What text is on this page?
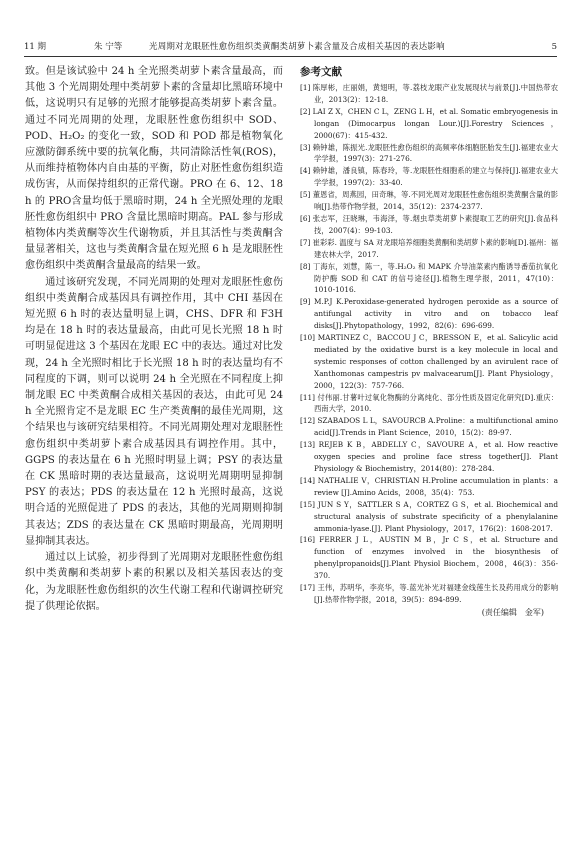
11 期	朱 宁等	光周期对龙眼胚性愈伤组织类黄酮类胡萝卜素含量及合成相关基因的表达影响	5

致。但是该试验中 24 h 全光照类胡萝卜素含量最高，而其他 3 个光周期处理中类胡萝卜素的含量却比黑暗环境中低，这说明只有足够的光照才能够提高类胡萝卜素含量。通过不同光周期的处理，龙眼胚性愈伤组织中 SOD、POD、H₂O₂ 的变化一致，SOD 和 POD 都是植物氧化应激防御系统中要的抗氧化酶，共同清除活性氧(ROS)，从而维持植物体内自由基的平衡，防止对胚性愈伤组织造成伤害，从而保持组织的正常代谢。PRO 在 6、12、18 h 的 PRO含量均低于黑暗时期，24 h 全光照处理的龙眼胚性愈伤组织中 PRO 含量比黑暗时期高。PAL 参与形成植物体内类黄酮等次生代谢物质，并且其活性与类黄酮含量显著相关，这也与类黄酮含量在短光照 6 h 是龙眼胚性愈伤组织中类黄酮含量最高的结果一致。

通过该研究发现，不同光周期的处理对龙眼胚性愈伤组织中类黄酮合成基因具有调控作用，其中 CHI 基因在短光照 6 h 时的表达量明显上调，CHS、DFR 和 F3H 均是在 18 h 时的表达量最高，由此可见长光照 18 h 时可明显促进这 3 个基因在龙眼 EC 中的表达。通过对比发现，24 h 全光照时相比于长光照 18 h 时的表达量均有不同程度的下调，则可以说明 24 h 全光照在不同程度上抑制龙眼 EC 中类黄酮合成相关基因的表达，由此可见 24 h 全光照肯定不是龙眼 EC 生产类黄酮的最佳光周期，这个结果也与该研究结果相符。不同光周期处理对龙眼胚性愈伤组织中类胡萝卜素合成基因具有调控作用。其中，GGPS 的表达量在 6 h 光照时明显上调；PSY 的表达量在 CK 黑暗时期的表达量最高，这说明光周期明显抑制 PSY 的表达；PDS 的表达量在 12 h 光照时最高，这说明合适的光照促进了 PDS 的表达，其他的光周期则抑制其表达；ZDS 的表达量在 CK 黑暗时期最高，光周期明显抑制其表达。

通过以上试验，初步得到了光周期对龙眼胚性愈伤组织中类黄酮和类胡萝卜素的积累以及相关基因表达的变化，为龙眼胚性愈伤组织的次生代谢工程和代谢调控研究提了供理论依据。

参考文献

[1] 陈厚彬，庄丽娟，黄翅明，等.荔枝龙眼产业发展现状与前景[J].中国热带农业，2013(2)：12-18.

[2] LAI Z X，CHEN C L，ZENG L H，et al. Somatic embryogenesis in longan (Dimocarpus longan Lour.)[J].Forestry Sciences，2000(67)：415-432.

[3] 赖钟雄，陈振光.龙眼胚性愈伤组织的高频率体细胞胚胎发生[J].福建农业大学学报，1997(3)：271-276.

[4] 赖钟雄，潘良镇，陈春玲，等.龙眼胚性细胞系的建立与保持[J].福建农业大学学报，1997(2)：33-40.

[5] 董恩省，周燕园，田奇琳，等.不同光周对龙眼胚性愈伤组织类黄酮含量的影响[J].热带作物学报，2014，35(12)：2374-2377.

[6] 张志军，汪晓琳，韦海泽，等.烟虫草类胡萝卜素提取工艺的研究[J].食品科技，2007(4)：99-103.

[7] 崔彩彩. 温度与 SA 对龙眼培养细胞类黄酮和类胡萝卜素的影响[D].福州：福建农林大学，2017.

[8] 丁海东，刘慧，陈一，等.H₂O₂ 和 MAPK 介导油菜素内酯诱导番茄抗氧化防护酶 SOD 和 CAT 的信号途径[J].植物生理学报，2011，47(10)：1010-1016.

[9] M.P.J K.Peroxidase-generated hydrogen peroxide as a source of antifungal activity in vitro and on tobacco leaf disks[J].Phytopathology，1992，82(6)：696-699.

[10] MARTINEZ C，BACCOU J C，BRESSON E，et al. Salicylic acid mediated by the oxidative burst is a key molecule in local and systemic responses of cotton challenged by an avirulent race of Xanthomonas campestris pv malvacearum[J]. Plant Physiology，2000，122(3)：757-766.

[11] 付伟丽.甘薯叶过氧化物酶的分离纯化、部分性质及固定化研究[D].重庆：西南大学，2010.

[12] SZABADOS L L，SAVOURCB A.Proline：a multifunctional amino acid[J].Trends in Plant Science，2010，15(2)：89-97.

[13] REJEB K B，ABDELLY C，SAVOURE A，et al. How reactive oxygen species and proline face stress together[J]. Plant Physiology & Biochemistry，2014(80)：278-284.

[14] NATHALIE V，CHRISTIAN H.Proline accumulation in plants：a review [J].Amino Acids，2008，35(4)：753.

[15] JUN S Y，SATTLER S A，CORTEZ G S，et al. Biochemical and structural analysis of substrate specificity of a phenylalanine ammonia-lyase.[J]. Plant Physiology，2017，176(2)：1608-2017.

[16] FERRER J L，AUSTIN M B，Jr C S，et al. Structure and function of enzymes involved in the biosynthesis of phenylpropanoids[J].Plant Physiol Biochem，2008，46(3)：356-370.

[17] 王伟，苏明华，李亮华，等.蓝光补光对福建金线莲生长及药用成分的影响[J].热带作物学报，2018，39(5)：894-899.

(责任编辑　金军)
